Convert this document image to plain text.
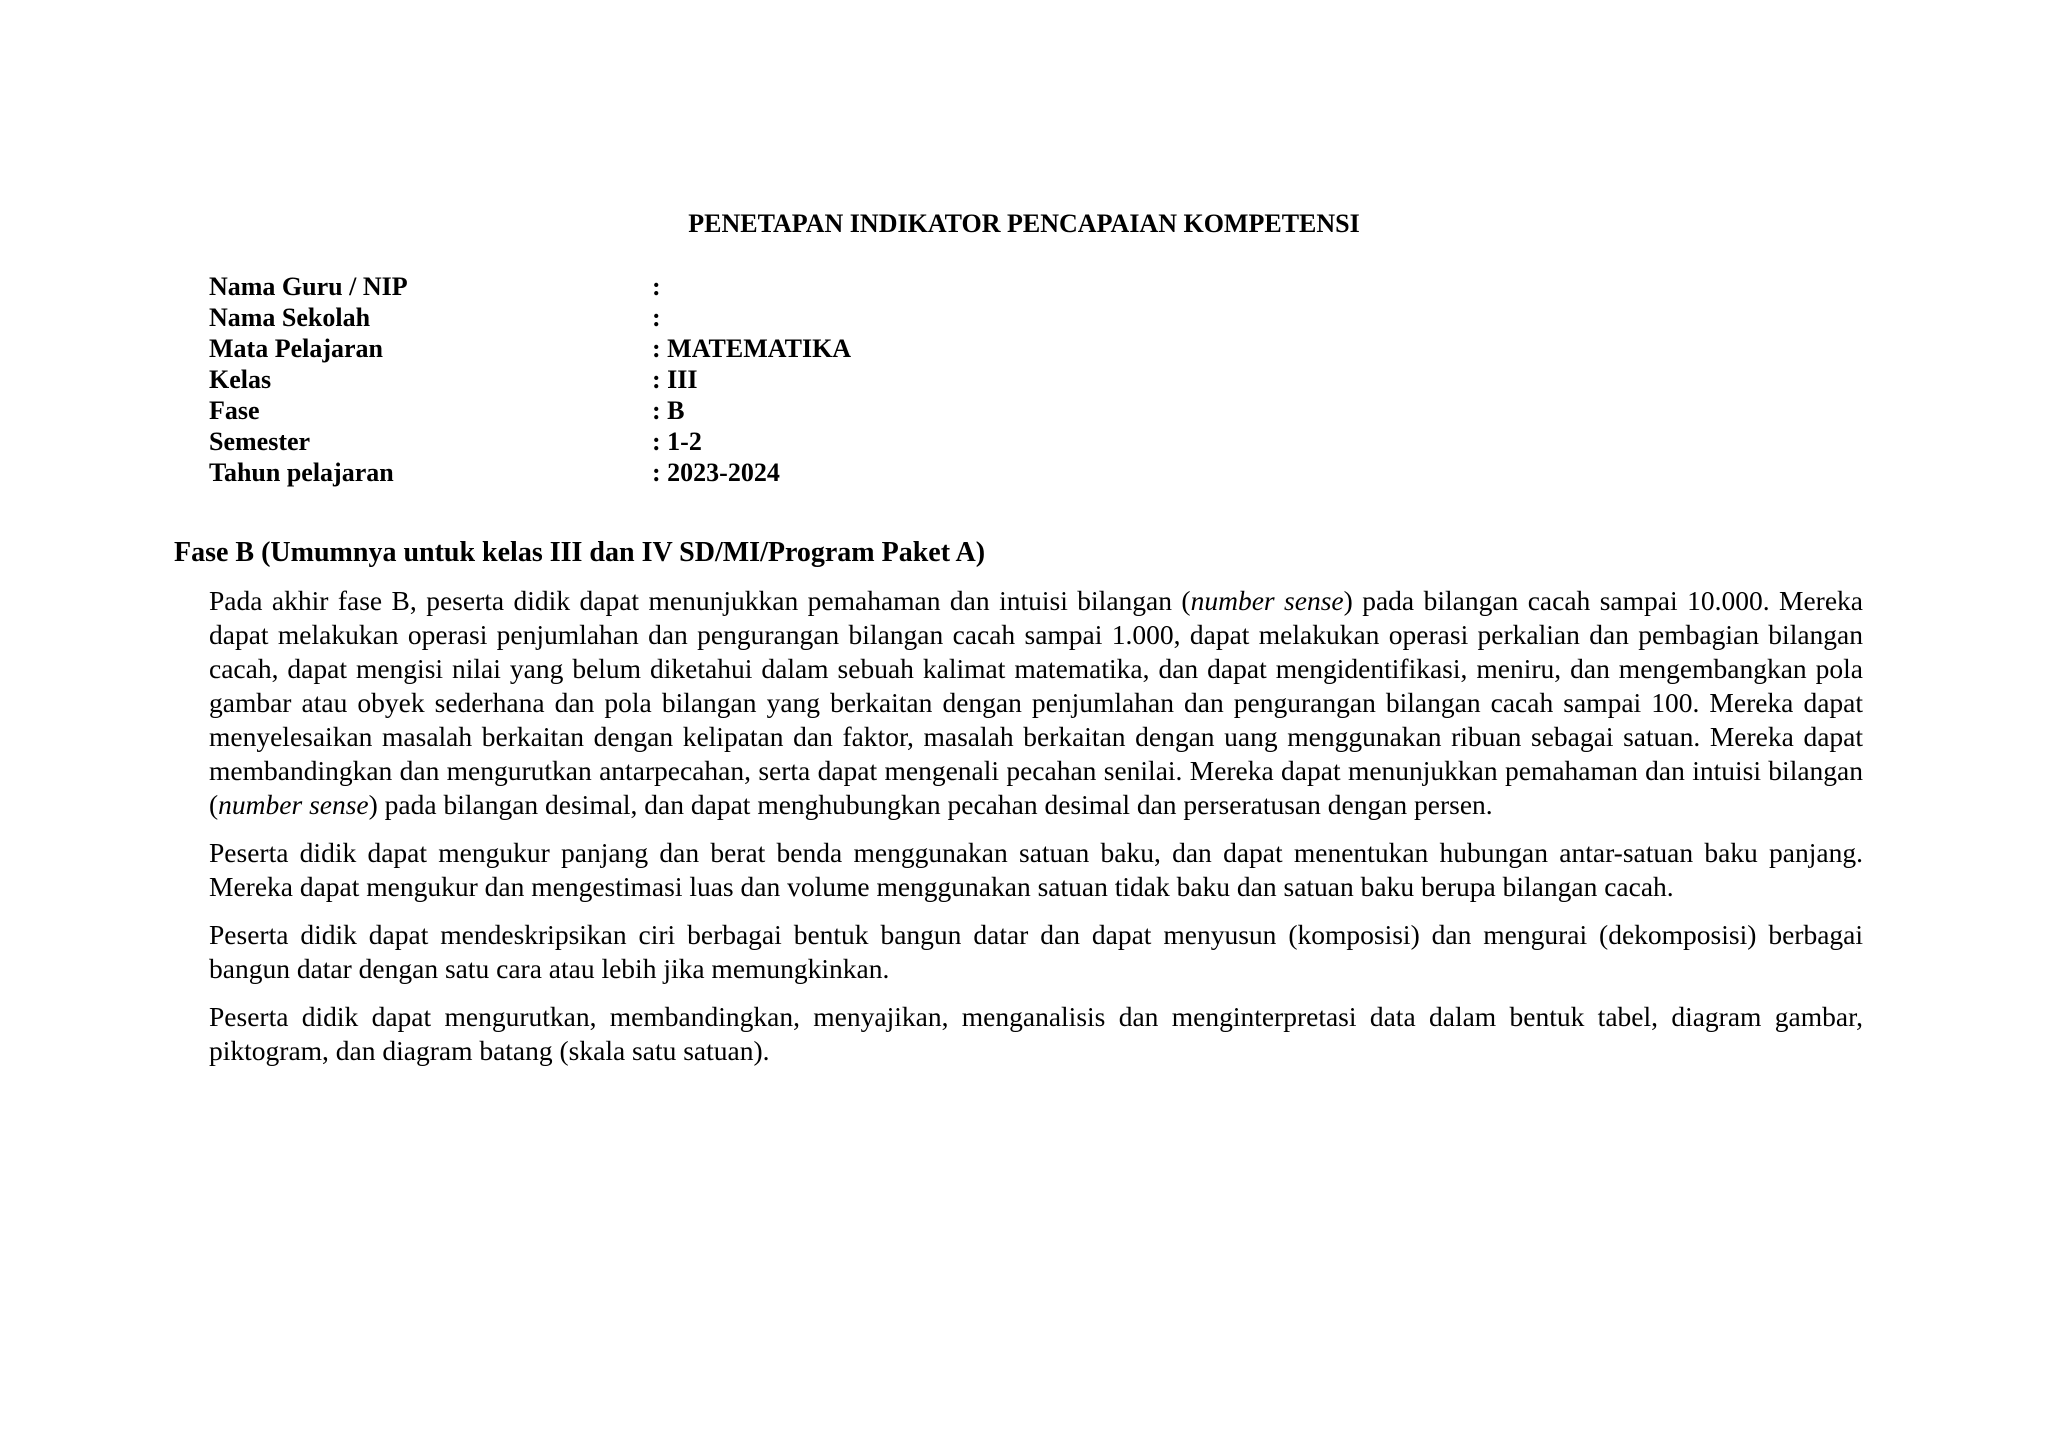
PENETAPAN INDIKATOR PENCAPAIAN KOMPETENSI
Nama Guru / NIP	:
Nama Sekolah	:
Mata Pelajaran	: MATEMATIKA
Kelas	: III
Fase	: B
Semester	: 1-2
Tahun pelajaran	: 2023-2024
Fase B (Umumnya untuk kelas III dan IV SD/MI/Program Paket A)

Pada akhir fase B, peserta didik dapat menunjukkan pemahaman dan intuisi bilangan (number sense) pada bilangan cacah sampai 10.000. Mereka dapat melakukan operasi penjumlahan dan pengurangan bilangan cacah sampai 1.000, dapat melakukan operasi perkalian dan pembagian bilangan cacah, dapat mengisi nilai yang belum diketahui dalam sebuah kalimat matematika, dan dapat mengidentifikasi, meniru, dan mengembangkan pola gambar atau obyek sederhana dan pola bilangan yang berkaitan dengan penjumlahan dan pengurangan bilangan cacah sampai 100. Mereka dapat menyelesaikan masalah berkaitan dengan kelipatan dan faktor, masalah berkaitan dengan uang menggunakan ribuan sebagai satuan. Mereka dapat membandingkan dan mengurutkan antarpecahan, serta dapat mengenali pecahan senilai. Mereka dapat menunjukkan pemahaman dan intuisi bilangan (number sense) pada bilangan desimal, dan dapat menghubungkan pecahan desimal dan perseratusan dengan persen.

Peserta didik dapat mengukur panjang dan berat benda menggunakan satuan baku, dan dapat menentukan hubungan antar-satuan baku panjang. Mereka dapat mengukur dan mengestimasi luas dan volume menggunakan satuan tidak baku dan satuan baku berupa bilangan cacah.

Peserta didik dapat mendeskripsikan ciri berbagai bentuk bangun datar dan dapat menyusun (komposisi) dan mengurai (dekomposisi) berbagai bangun datar dengan satu cara atau lebih jika memungkinkan.

Peserta didik dapat mengurutkan, membandingkan, menyajikan, menganalisis dan menginterpretasi data dalam bentuk tabel, diagram gambar, piktogram, dan diagram batang (skala satu satuan).
